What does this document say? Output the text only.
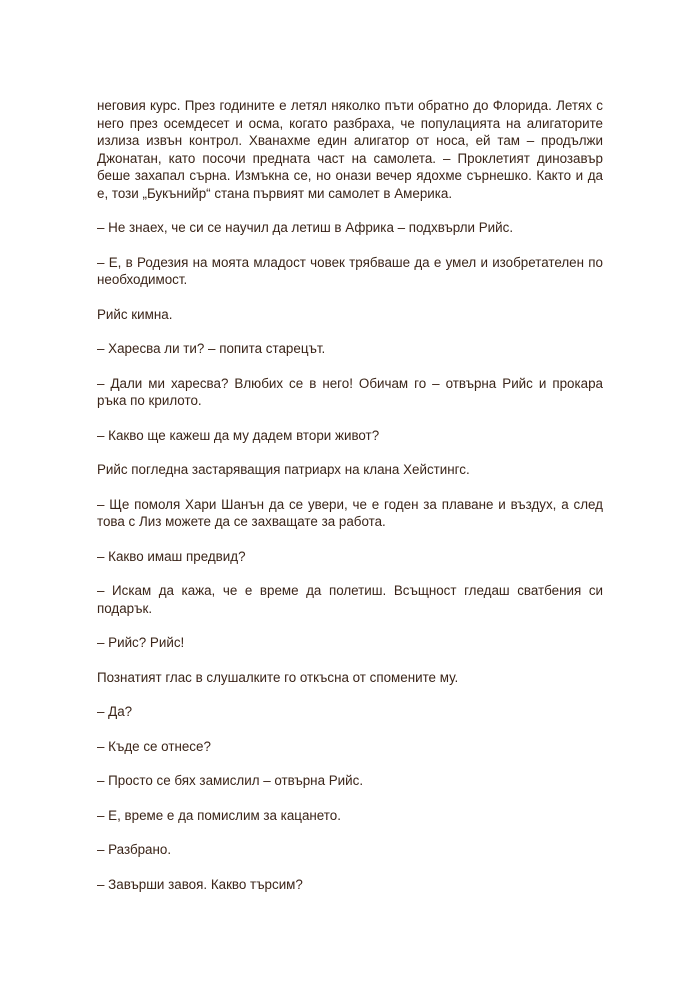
неговия курс. През годините е летял няколко пъти обратно до Флорида. Летях с него през осемдесет и осма, когато разбраха, че популацията на алигаторите излиза извън контрол. Хванахме един алигатор от носа, ей там – продължи Джонатан, като посочи предната част на самолета. – Проклетият динозавър беше захапал сърна. Измъкна се, но онази вечер ядохме сърнешко. Както и да е, този „Букънийр“ стана първият ми самолет в Америка.

– Не знаех, че си се научил да летиш в Африка – подхвърли Рийс.

– Е, в Родезия на моята младост човек трябваше да е умел и изобретателен по необходимост.

Рийс кимна.

– Харесва ли ти? – попита старецът.

– Дали ми харесва? Влюбих се в него! Обичам го – отвърна Рийс и прокара ръка по крилото.

– Какво ще кажеш да му дадем втори живот?

Рийс погледна застаряващия патриарх на клана Хейстингс.

– Ще помоля Хари Шанън да се увери, че е годен за плаване и въздух, а след това с Лиз можете да се захващате за работа.

– Какво имаш предвид?

– Искам да кажа, че е време да полетиш. Всъщност гледаш сватбения си подарък.

– Рийс? Рийс!

Познатият глас в слушалките го откъсна от спомените му.

– Да?

– Къде се отнесе?

– Просто се бях замислил – отвърна Рийс.

– Е, време е да помислим за кацането.

– Разбрано.

– Завърши завоя. Какво търсим?
